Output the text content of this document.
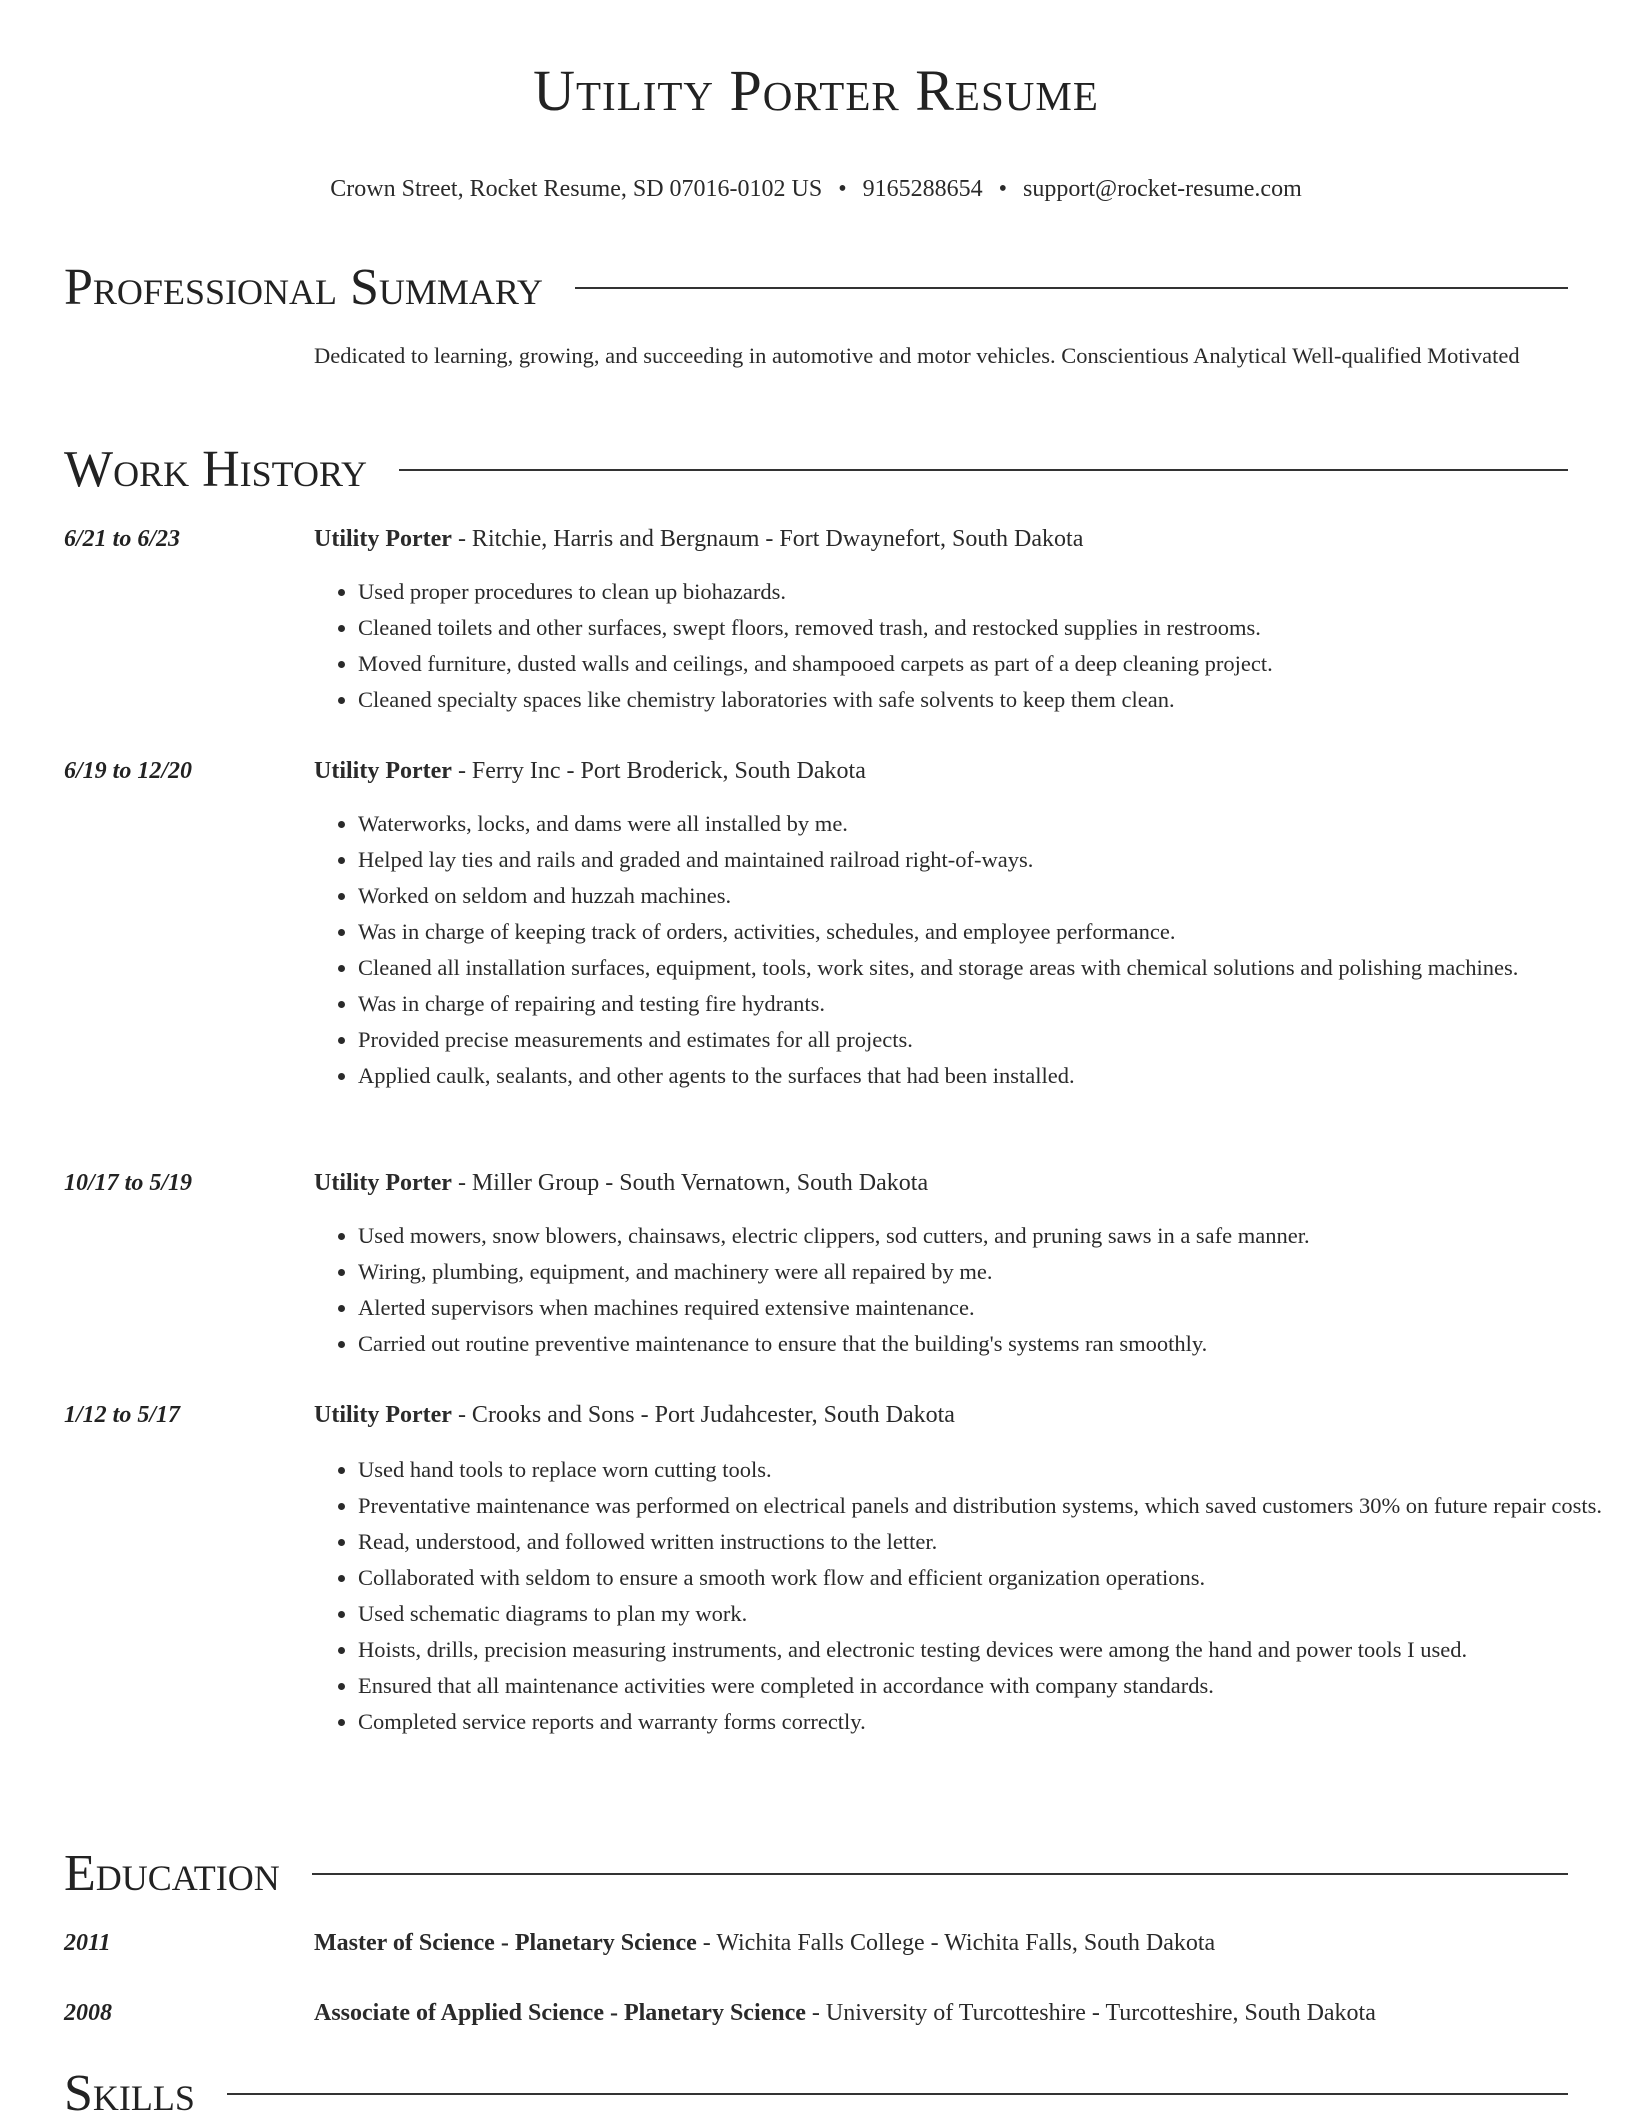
Utility Porter Resume
Crown Street, Rocket Resume, SD 07016-0102 US • 9165288654 • support@rocket-resume.com
Professional Summary
Dedicated to learning, growing, and succeeding in automotive and motor vehicles. Conscientious Analytical Well-qualified Motivated
Work History
6/21 to 6/23	Utility Porter - Ritchie, Harris and Bergnaum - Fort Dwaynefort, South Dakota
• Used proper procedures to clean up biohazards.
• Cleaned toilets and other surfaces, swept floors, removed trash, and restocked supplies in restrooms.
• Moved furniture, dusted walls and ceilings, and shampooed carpets as part of a deep cleaning project.
• Cleaned specialty spaces like chemistry laboratories with safe solvents to keep them clean.
6/19 to 12/20	Utility Porter - Ferry Inc - Port Broderick, South Dakota
• Waterworks, locks, and dams were all installed by me.
• Helped lay ties and rails and graded and maintained railroad right-of-ways.
• Worked on seldom and huzzah machines.
• Was in charge of keeping track of orders, activities, schedules, and employee performance.
• Cleaned all installation surfaces, equipment, tools, work sites, and storage areas with chemical solutions and polishing machines.
• Was in charge of repairing and testing fire hydrants.
• Provided precise measurements and estimates for all projects.
• Applied caulk, sealants, and other agents to the surfaces that had been installed.
10/17 to 5/19	Utility Porter - Miller Group - South Vernatown, South Dakota
• Used mowers, snow blowers, chainsaws, electric clippers, sod cutters, and pruning saws in a safe manner.
• Wiring, plumbing, equipment, and machinery were all repaired by me.
• Alerted supervisors when machines required extensive maintenance.
• Carried out routine preventive maintenance to ensure that the building's systems ran smoothly.
1/12 to 5/17	Utility Porter - Crooks and Sons - Port Judahcester, South Dakota
• Used hand tools to replace worn cutting tools.
• Preventative maintenance was performed on electrical panels and distribution systems, which saved customers 30% on future repair costs.
• Read, understood, and followed written instructions to the letter.
• Collaborated with seldom to ensure a smooth work flow and efficient organization operations.
• Used schematic diagrams to plan my work.
• Hoists, drills, precision measuring instruments, and electronic testing devices were among the hand and power tools I used.
• Ensured that all maintenance activities were completed in accordance with company standards.
• Completed service reports and warranty forms correctly.
Education
2011	Master of Science - Planetary Science - Wichita Falls College - Wichita Falls, South Dakota
2008	Associate of Applied Science - Planetary Science - University of Turcotteshire - Turcotteshire, South Dakota
Skills
